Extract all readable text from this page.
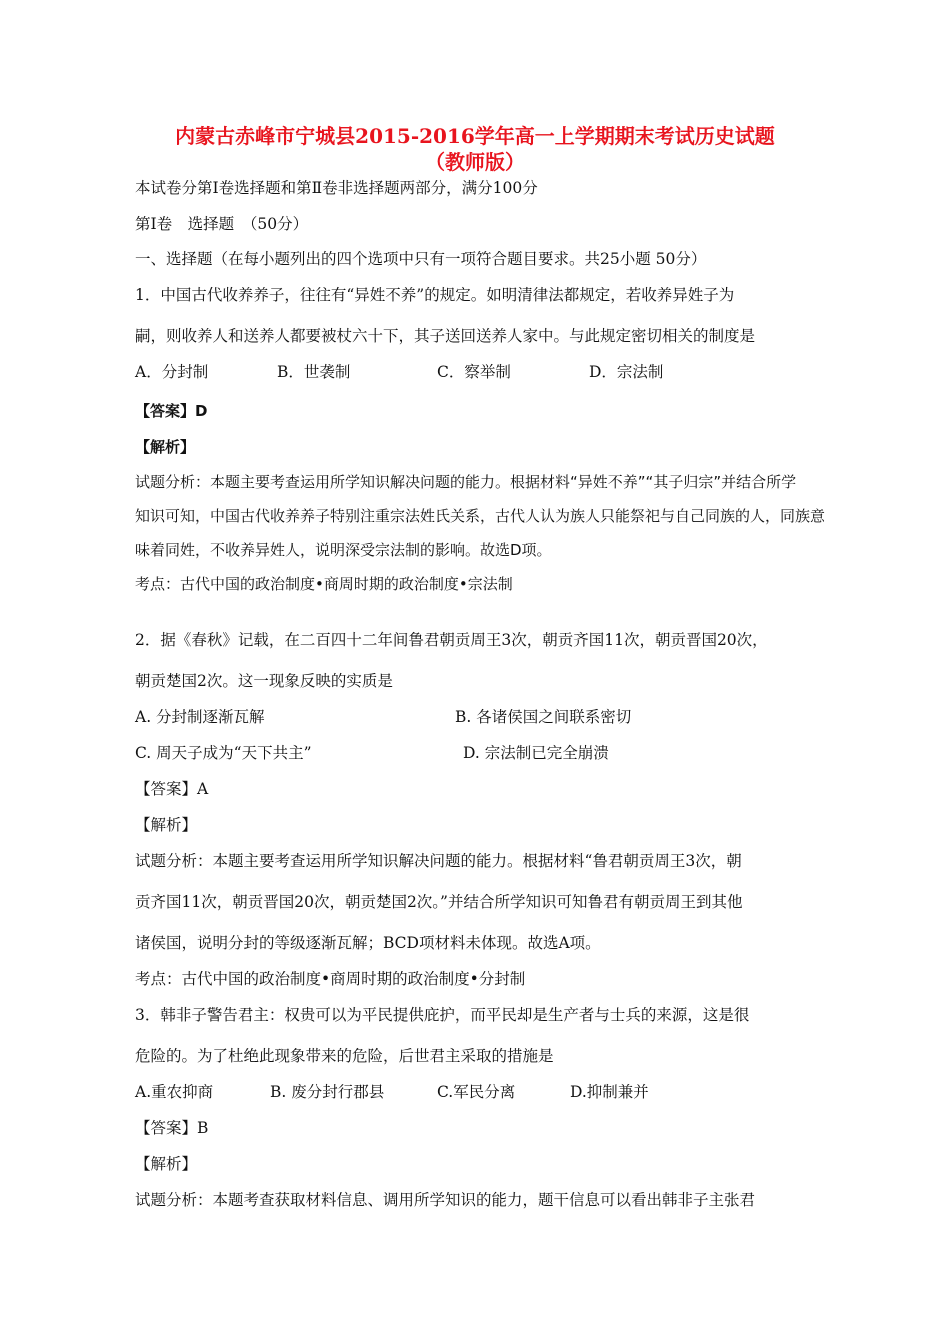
内蒙古赤峰市宁城县2015-2016学年高一上学期期末考试历史试题
（教师版）
本试卷分第Ⅰ卷选择题和第Ⅱ卷非选择题两部分，满分100分
第Ⅰ卷　选择题　（50分）
一、选择题（在每小题列出的四个选项中只有一项符合题目要求。共25小题 50分）
1．中国古代收养养子，往往有“异姓不养”的规定。如明清律法都规定，若收养异姓子为
嗣，则收养人和送养人都要被杖六十下，其子送回送养人家中。与此规定密切相关的制度是
A．分封制	B．世袭制	C．察举制	D．宗法制
【答案】D
【解析】
试题分析：本题主要考查运用所学知识解决问题的能力。根据材料“异姓不养”“其子归宗”并结合所学
知识可知，中国古代收养养子特别注重宗法姓氏关系，古代人认为族人只能祭祀与自己同族的人，同族意
味着同姓，不收养异姓人，说明深受宗法制的影响。故选D项。
考点：古代中国的政治制度•商周时期的政治制度•宗法制
2．据《春秋》记载，在二百四十二年间鲁君朝贡周王3次，朝贡齐国11次，朝贡晋国20次，
朝贡楚国2次。这一现象反映的实质是
A. 分封制逐渐瓦解	B. 各诸侯国之间联系密切
C. 周天子成为“天下共主”	D. 宗法制已完全崩溃
【答案】A
【解析】
试题分析：本题主要考查运用所学知识解决问题的能力。根据材料“鲁君朝贡周王3次，朝
贡齐国11次，朝贡晋国20次，朝贡楚国2次。”并结合所学知识可知鲁君有朝贡周王到其他
诸侯国，说明分封的等级逐渐瓦解；BCD项材料未体现。故选A项。
考点：古代中国的政治制度•商周时期的政治制度•分封制
3．韩非子警告君主：权贵可以为平民提供庇护，而平民却是生产者与士兵的来源，这是很
危险的。为了杜绝此现象带来的危险，后世君主采取的措施是
A.重农抑商	B. 废分封行郡县	C.军民分离	D.抑制兼并
【答案】B
【解析】
试题分析：本题考查获取材料信息、调用所学知识的能力，题干信息可以看出韩非子主张君
